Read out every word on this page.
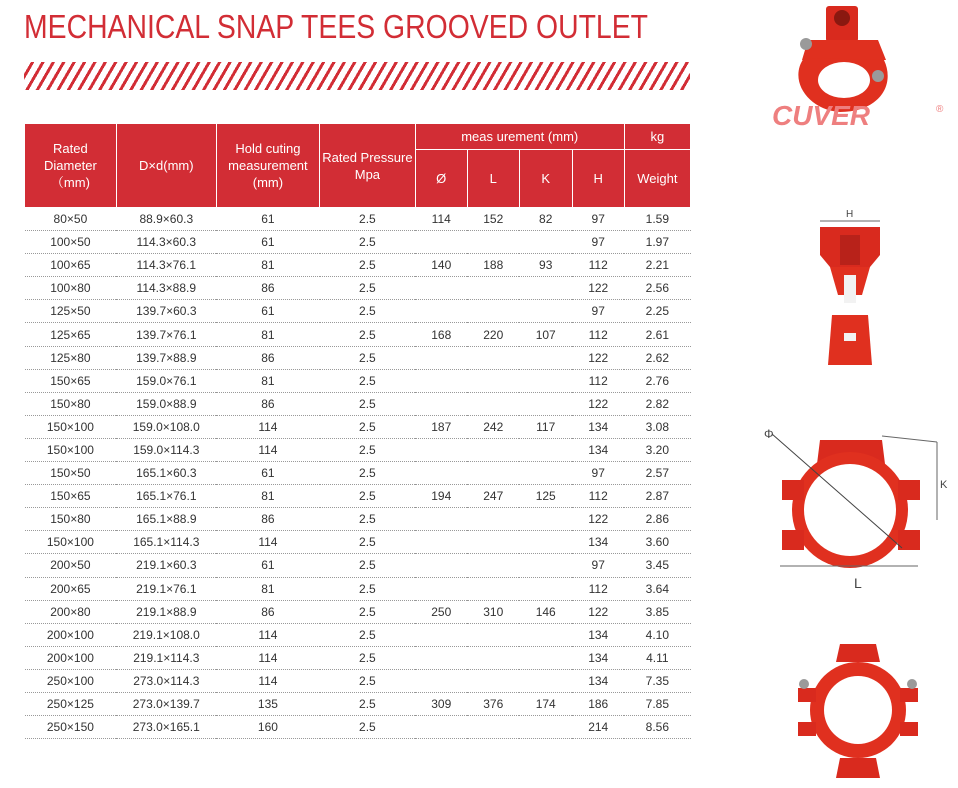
MECHANICAL SNAP TEES GROOVED OUTLET
Rated Diameter （mm)	D×d(mm)	Hold cuting measurement (mm)	Rated Pressure Mpa	meas urement (mm)				kg
				Ø	L	K	H	Weight
80×50	88.9×60.3	61	2.5	114	152	82	97	1.59
100×50	114.3×60.3	61	2.5				97	1.97
100×65	114.3×76.1	81	2.5	140	188	93	112	2.21
100×80	114.3×88.9	86	2.5				122	2.56
125×50	139.7×60.3	61	2.5				97	2.25
125×65	139.7×76.1	81	2.5	168	220	107	112	2.61
125×80	139.7×88.9	86	2.5				122	2.62
150×65	159.0×76.1	81	2.5				112	2.76
150×80	159.0×88.9	86	2.5				122	2.82
150×100	159.0×108.0	114	2.5	187	242	117	134	3.08
150×100	159.0×114.3	114	2.5				134	3.20
150×50	165.1×60.3	61	2.5				97	2.57
150×65	165.1×76.1	81	2.5	194	247	125	112	2.87
150×80	165.1×88.9	86	2.5				122	2.86
150×100	165.1×114.3	114	2.5				134	3.60
200×50	219.1×60.3	61	2.5				97	3.45
200×65	219.1×76.1	81	2.5				112	3.64
200×80	219.1×88.9	86	2.5	250	310	146	122	3.85
200×100	219.1×108.0	114	2.5				134	4.10
200×100	219.1×114.3	114	2.5				134	4.11
250×100	273.0×114.3	114	2.5				134	7.35
250×125	273.0×139.7	135	2.5	309	376	174	186	7.85
250×150	273.0×165.1	160	2.5				214	8.56
CUVER	®
H
Φ
K
L
